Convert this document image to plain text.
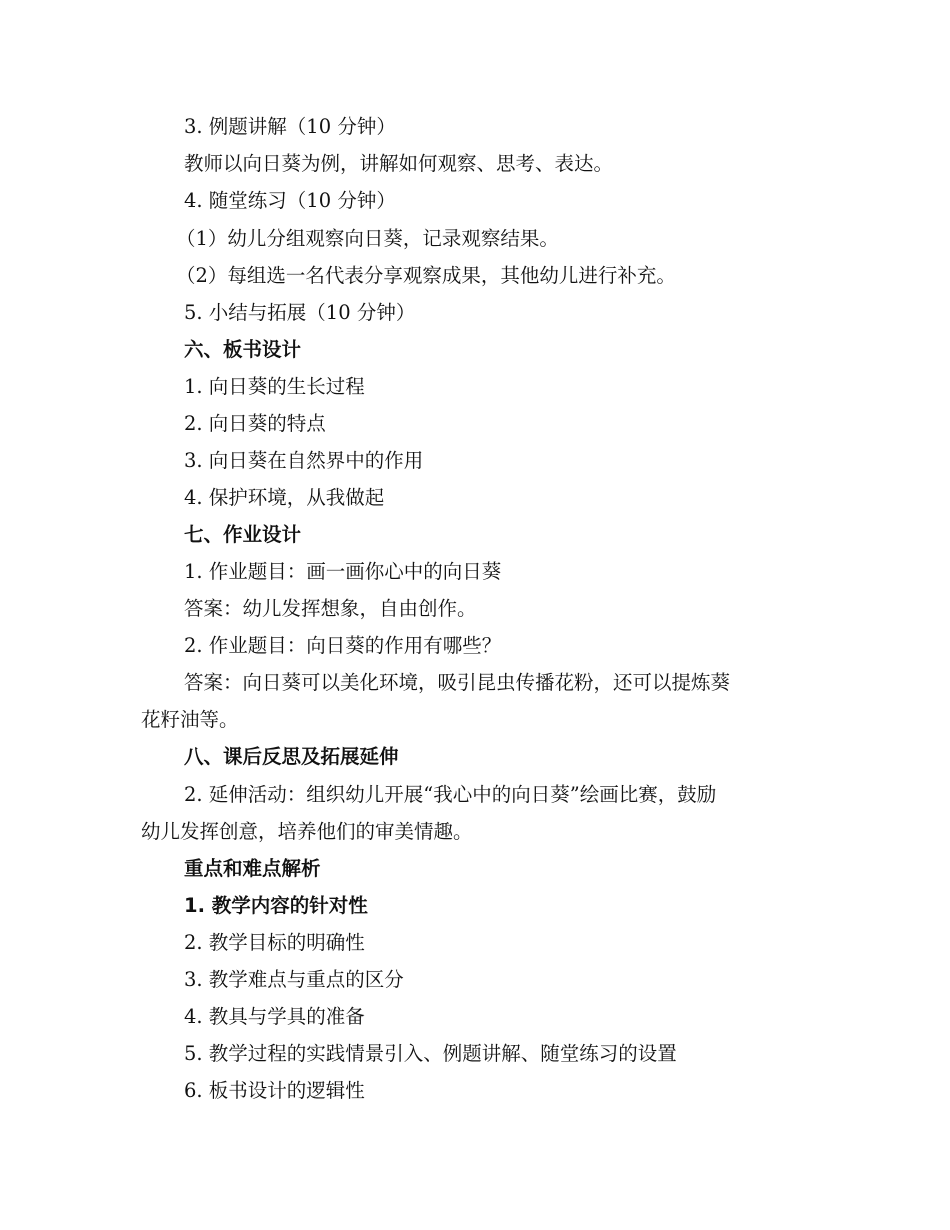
3. 例题讲解（10 分钟）
教师以向日葵为例，讲解如何观察、思考、表达。
4. 随堂练习（10 分钟）
（1）幼儿分组观察向日葵，记录观察结果。
（2）每组选一名代表分享观察成果，其他幼儿进行补充。
5. 小结与拓展（10 分钟）
六、板书设计
1. 向日葵的生长过程
2. 向日葵的特点
3. 向日葵在自然界中的作用
4. 保护环境，从我做起
七、作业设计
1. 作业题目：画一画你心中的向日葵
答案：幼儿发挥想象，自由创作。
2. 作业题目：向日葵的作用有哪些？
答案：向日葵可以美化环境，吸引昆虫传播花粉，还可以提炼葵
花籽油等。
八、课后反思及拓展延伸
2. 延伸活动：组织幼儿开展“我心中的向日葵”绘画比赛，鼓励
幼儿发挥创意，培养他们的审美情趣。
重点和难点解析
1. 教学内容的针对性
2. 教学目标的明确性
3. 教学难点与重点的区分
4. 教具与学具的准备
5. 教学过程的实践情景引入、例题讲解、随堂练习的设置
6. 板书设计的逻辑性
